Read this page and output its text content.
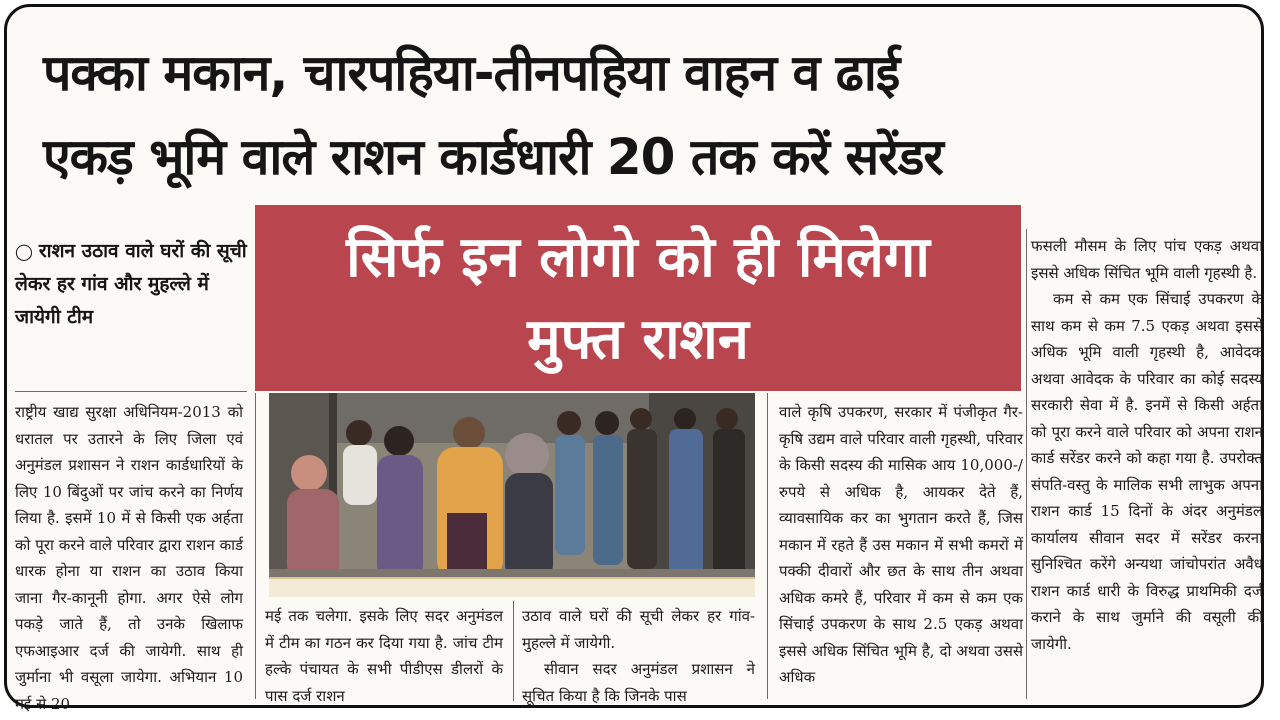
पक्का मकान, चारपहिया-तीनपहिया वाहन व ढाई
एकड़ भूमि वाले राशन कार्डधारी 20 तक करें सरेंडर
◯ राशन उठाव वाले घरों की सूची लेकर हर गांव और मुहल्ले में जायेगी टीम

राष्ट्रीय खाद्य सुरक्षा अधिनियम-2013 को धरातल पर उतारने के लिए जिला एवं अनुमंडल प्रशासन ने राशन कार्डधारियों के लिए 10 बिंदुओं पर जांच करने का निर्णय लिया है. इसमें 10 में से किसी एक अर्हता को पूरा करने वाले परिवार द्वारा राशन कार्ड धारक होना या राशन का उठाव किया जाना गैर-कानूनी होगा. अगर ऐसे लोग पकड़े जाते हैं, तो उनके खिलाफ एफआइआर दर्ज की जायेगी. साथ ही जुर्माना भी वसूला जायेगा. अभियान 10 मई से 20

मई तक चलेगा. इसके लिए सदर अनुमंडल में टीम का गठन कर दिया गया है. जांच टीम हल्के पंचायत के सभी पीडीएस डीलरों के पास दर्ज राशन

उठाव वाले घरों की सूची लेकर हर गांव-मुहल्ले में जायेगी.

सीवान सदर अनुमंडल प्रशासन ने सूचित किया है कि जिनके पास

वाले कृषि उपकरण, सरकार में पंजीकृत गैर-कृषि उद्यम वाले परिवार वाली गृहस्थी, परिवार के किसी सदस्य की मासिक आय 10,000-/ रुपये से अधिक है, आयकर देते हैं, व्यावसायिक कर का भुगतान करते हैं, जिस मकान में रहते हैं उस मकान में सभी कमरों में पक्की दीवारों और छत के साथ तीन अथवा अधिक कमरे हैं, परिवार में कम से कम एक सिंचाई उपकरण के साथ 2.5 एकड़ अथवा इससे अधिक सिंचित भूमि है, दो अथवा उससे अधिक

फसली मौसम के लिए पांच एकड़ अथवा इससे अधिक सिंचित भूमि वाली गृहस्थी है.

कम से कम एक सिंचाई उपकरण के साथ कम से कम 7.5 एकड़ अथवा इससे अधिक भूमि वाली गृहस्थी है, आवेदक अथवा आवेदक के परिवार का कोई सदस्य सरकारी सेवा में है. इनमें से किसी अर्हता को पूरा करने वाले परिवार को अपना राशन कार्ड सरेंडर करने को कहा गया है. उपरोक्त संपति-वस्तु के मालिक सभी लाभुक अपना राशन कार्ड 15 दिनों के अंदर अनुमंडल कार्यालय सीवान सदर में सरेंडर करना सुनिश्चित करेंगे अन्यथा जांचोपरांत अवैध राशन कार्ड धारी के विरुद्ध प्राथमिकी दर्ज कराने के साथ जुर्माने की वसूली की जायेगी.

सिर्फ इन लोगो को ही मिलेगा
मुफ्त राशन
